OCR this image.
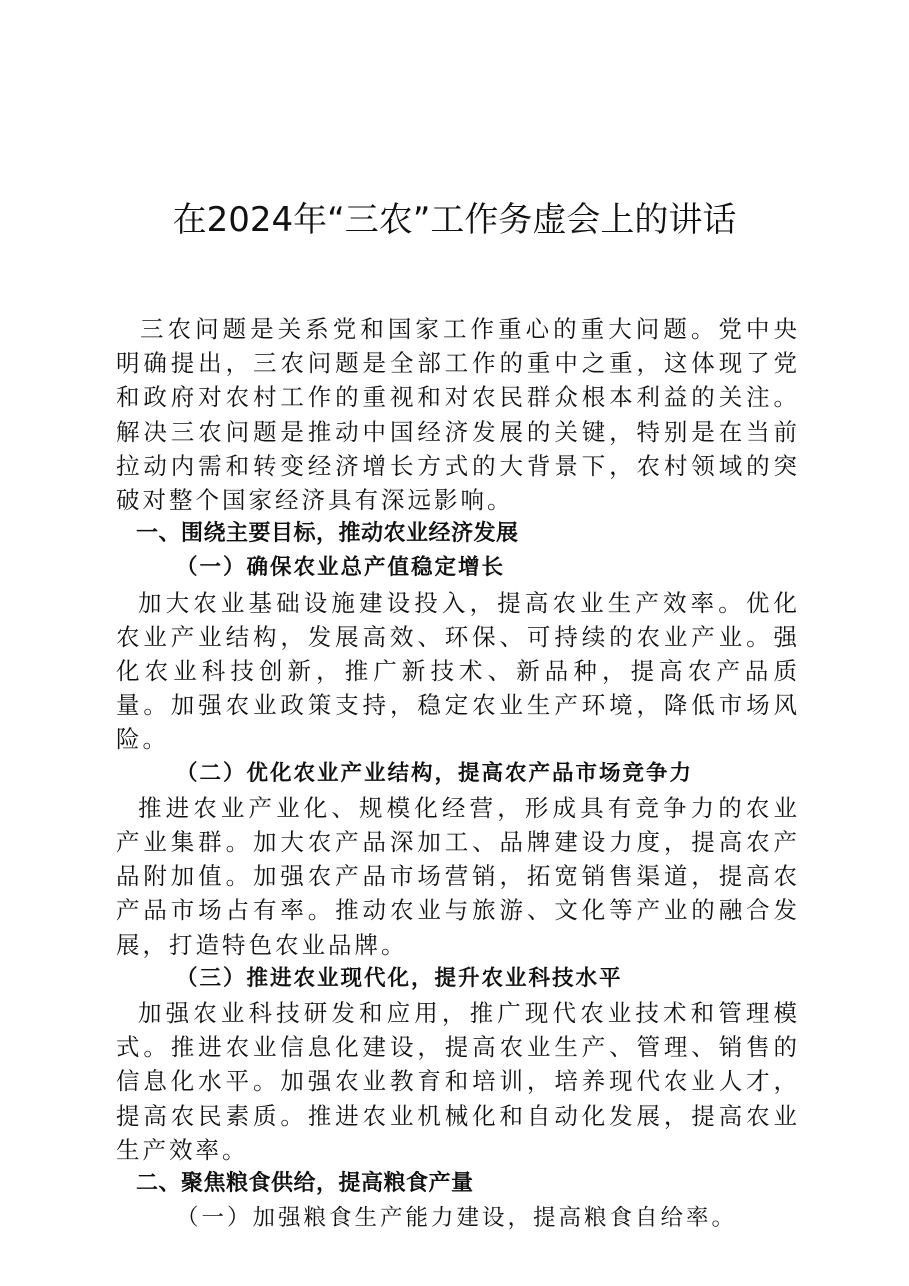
在2024年“三农”工作务虚会上的讲话

三农问题是关系党和国家工作重心的重大问题。党中央明确提出，三农问题是全部工作的重中之重，这体现了党和政府对农村工作的重视和对农民群众根本利益的关注。解决三农问题是推动中国经济发展的关键，特别是在当前拉动内需和转变经济增长方式的大背景下，农村领域的突破对整个国家经济具有深远影响。

一、围绕主要目标，推动农业经济发展
（一）确保农业总产值稳定增长

加大农业基础设施建设投入，提高农业生产效率。优化农业产业结构，发展高效、环保、可持续的农业产业。强化农业科技创新，推广新技术、新品种，提高农产品质量。加强农业政策支持，稳定农业生产环境，降低市场风险。

（二）优化农业产业结构，提高农产品市场竞争力

推进农业产业化、规模化经营，形成具有竞争力的农业产业集群。加大农产品深加工、品牌建设力度，提高农产品附加值。加强农产品市场营销，拓宽销售渠道，提高农产品市场占有率。推动农业与旅游、文化等产业的融合发展，打造特色农业品牌。

（三）推进农业现代化，提升农业科技水平

加强农业科技研发和应用，推广现代农业技术和管理模式。推进农业信息化建设，提高农业生产、管理、销售的信息化水平。加强农业教育和培训，培养现代农业人才，提高农民素质。推进农业机械化和自动化发展，提高农业生产效率。

二、聚焦粮食供给，提高粮食产量
（一）加强粮食生产能力建设，提高粮食自给率。
